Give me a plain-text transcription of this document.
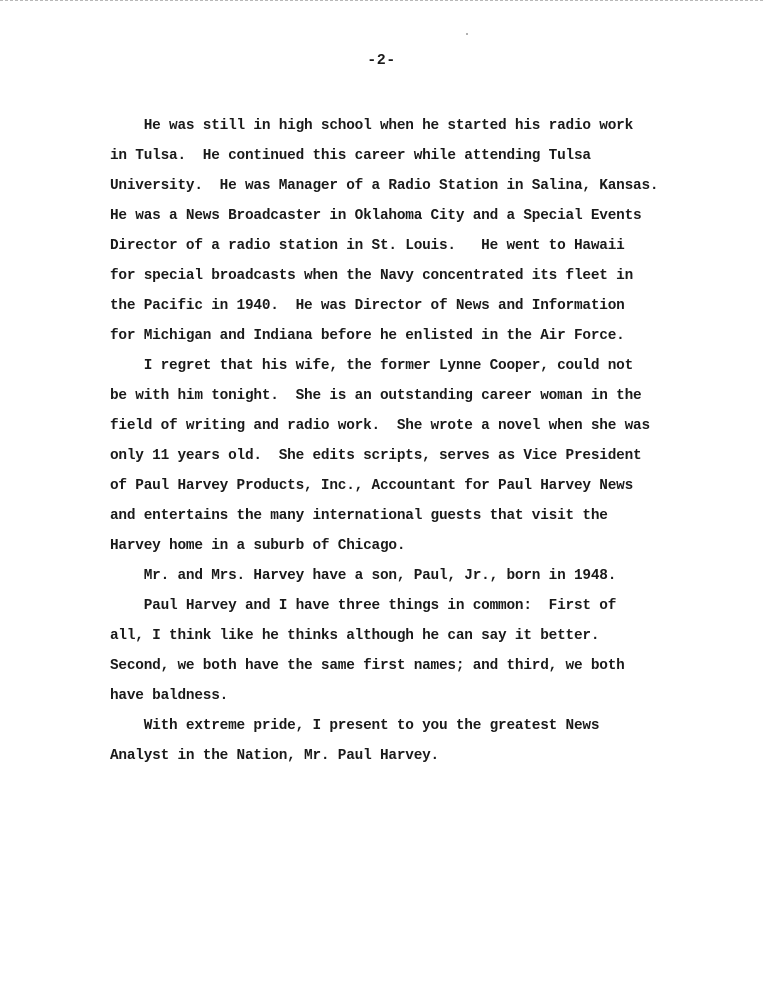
-2-
He was still in high school when he started his radio work
in Tulsa.  He continued this career while attending Tulsa
University.  He was Manager of a Radio Station in Salina, Kansas.
He was a News Broadcaster in Oklahoma City and a Special Events
Director of a radio station in St. Louis.   He went to Hawaii
for special broadcasts when the Navy concentrated its fleet in
the Pacific in 1940.  He was Director of News and Information
for Michigan and Indiana before he enlisted in the Air Force.
I regret that his wife, the former Lynne Cooper, could not
be with him tonight.  She is an outstanding career woman in the
field of writing and radio work.  She wrote a novel when she was
only 11 years old.  She edits scripts, serves as Vice President
of Paul Harvey Products, Inc., Accountant for Paul Harvey News
and entertains the many international guests that visit the
Harvey home in a suburb of Chicago.
Mr. and Mrs. Harvey have a son, Paul, Jr., born in 1948.
Paul Harvey and I have three things in common:  First of
all, I think like he thinks although he can say it better.
Second, we both have the same first names; and third, we both
have baldness.
With extreme pride, I present to you the greatest News
Analyst in the Nation, Mr. Paul Harvey.
